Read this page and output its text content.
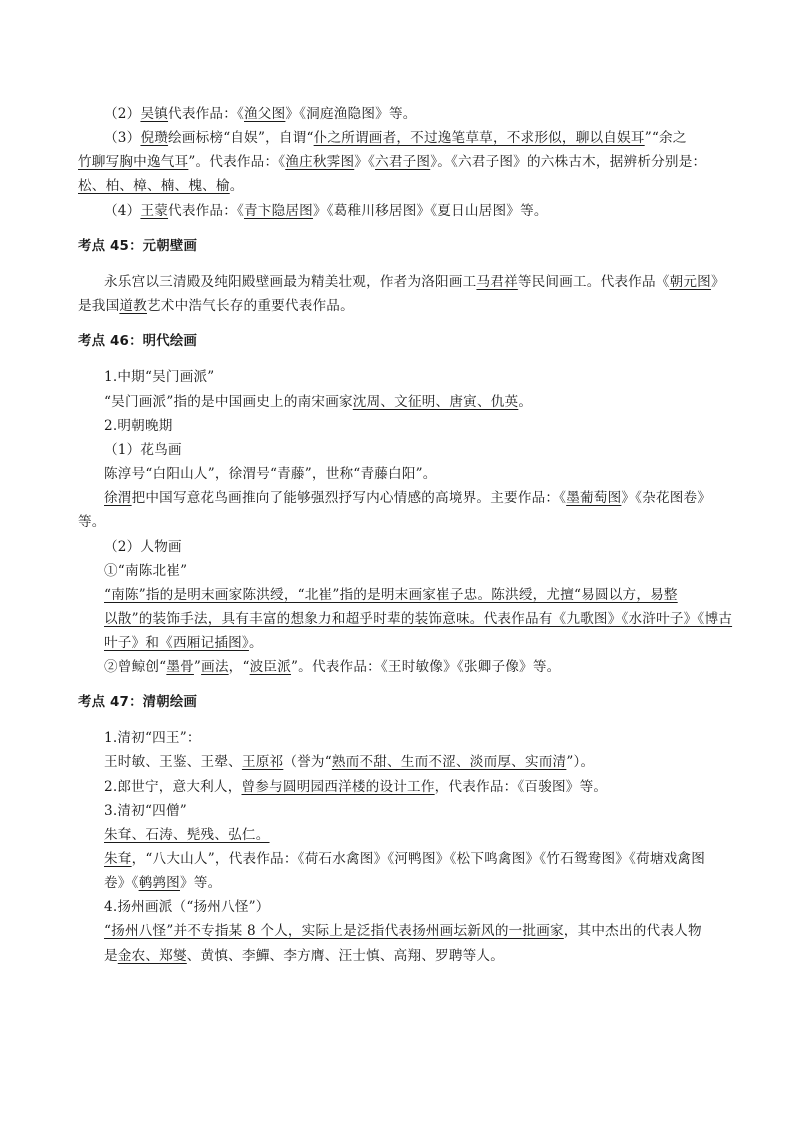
（2）吴镇代表作品：《渔父图》《洞庭渔隐图》等。
（3）倪瓒绘画标榜“自娱”，自谓“仆之所谓画者，不过逸笔草草，不求形似，聊以自娱耳”“余之
竹聊写胸中逸气耳”。代表作品：《渔庄秋霁图》《六君子图》。《六君子图》的六株古木，据辨析分别是：
松、柏、樟、楠、槐、榆。
（4）王蒙代表作品：《青卞隐居图》《葛稚川移居图》《夏日山居图》等。
考点 45：元朝壁画
永乐宫以三清殿及纯阳殿壁画最为精美壮观，作者为洛阳画工马君祥等民间画工。代表作品《朝元图》
是我国道教艺术中浩气长存的重要代表作品。
考点 46：明代绘画
1.中期“吴门画派”
“吴门画派”指的是中国画史上的南宋画家沈周、文征明、唐寅、仇英。
2.明朝晚期
（1）花鸟画
陈淳号“白阳山人”，徐渭号“青藤”，世称“青藤白阳”。
徐渭把中国写意花鸟画推向了能够强烈抒写内心情感的高境界。主要作品：《墨葡萄图》《杂花图卷》
等。
（2）人物画
①“南陈北崔”
“南陈”指的是明末画家陈洪绶，“北崔”指的是明末画家崔子忠。陈洪绶，尤擅“易圆以方，易整
以散”的装饰手法，具有丰富的想象力和超乎时辈的装饰意味。代表作品有《九歌图》《水浒叶子》《博古
叶子》和《西厢记插图》。
②曾鲸创“墨骨”画法，“波臣派”。代表作品：《王时敏像》《张卿子像》等。
考点 47：清朝绘画
1.清初“四王”：
王时敏、王鉴、王翚、王原祁（誉为“熟而不甜、生而不涩、淡而厚、实而清”）。
2.郎世宁，意大利人，曾参与圆明园西洋楼的设计工作，代表作品：《百骏图》等。
3.清初“四僧”
朱耷、石涛、髡残、弘仁。
朱耷，“八大山人”，代表作品：《荷石水禽图》《河鸭图》《松下鸣禽图》《竹石鸳鸯图》《荷塘戏禽图
卷》《鹌鹑图》等。
4.扬州画派（“扬州八怪”）
“扬州八怪”并不专指某 8 个人，实际上是泛指代表扬州画坛新风的一批画家，其中杰出的代表人物
是金农、郑燮、黄慎、李鱓、李方膺、汪士慎、高翔、罗聘等人。
